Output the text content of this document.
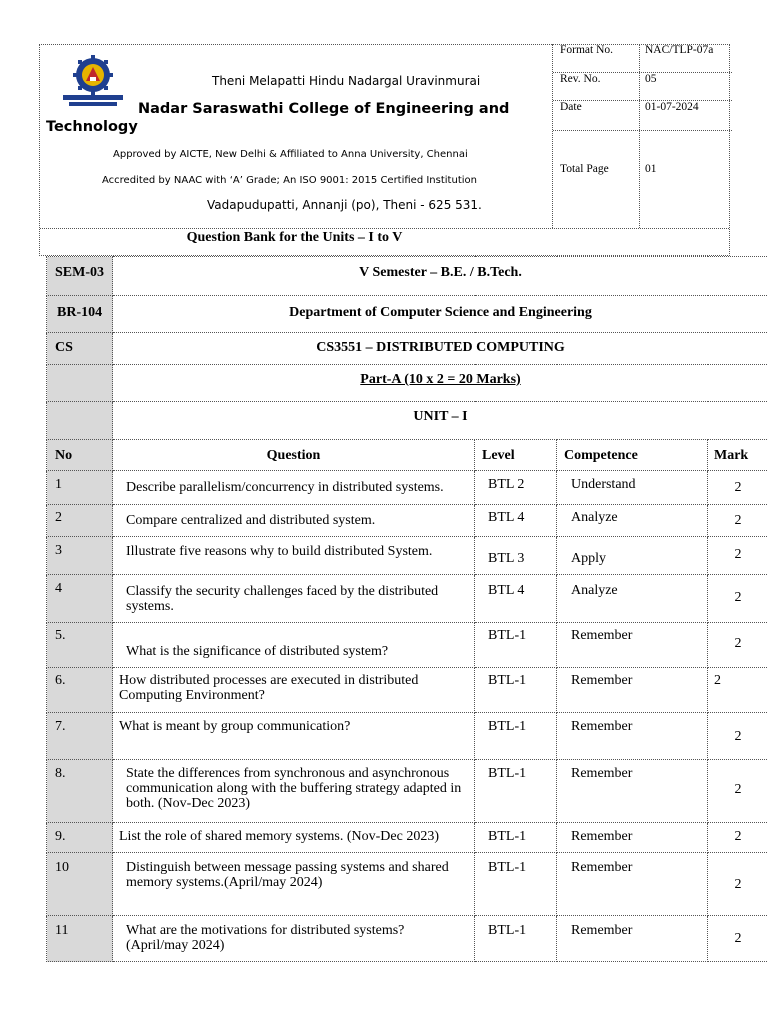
Theni Melapatti Hindu Nadargal Uravinmurai
Nadar Saraswathi College of Engineering and Technology
Approved by AICTE, New Delhi & Affiliated to Anna University, Chennai
Accredited by NAAC with ‘A’ Grade; An ISO 9001: 2015 Certified Institution
Vadapudupatti, Annanji (po), Theni - 625 531.
Format No.	NAC/TLP-07a
Rev. No.	05
Date	01-07-2024
Total Page	01
Question Bank for the Units – I to V
SEM-03	V Semester – B.E. / B.Tech.			
BR-104	Department of Computer Science and Engineering			
CS	CS3551 – DISTRIBUTED COMPUTING			
	Part-A (10 x 2 = 20 Marks)			
	UNIT – I			
No	Question	Level	Competence	Mark
1	Describe parallelism/concurrency in distributed systems.	BTL 2	Understand	2
2	Compare centralized and distributed system.	BTL 4	Analyze	2
3	Illustrate five reasons why to build distributed System.	BTL 3	Apply	2
4	Classify the security challenges faced by the distributed systems.	BTL 4	Analyze	2
5.	What is the significance of distributed system?	BTL-1	Remember	2
6.	How distributed processes are executed in distributed Computing Environment?	BTL-1	Remember	2
7.	What is meant by group communication?	BTL-1	Remember	2
8.	State the differences from synchronous and asynchronous communication along with the buffering strategy adapted in both. (Nov-Dec 2023)	BTL-1	Remember	2
9.	List the role of shared memory systems. (Nov-Dec 2023)	BTL-1	Remember	2
10	Distinguish between message passing systems and shared memory systems.(April/may 2024)	BTL-1	Remember	2
11	What are the motivations for distributed systems? (April/may 2024)	BTL-1	Remember	2
